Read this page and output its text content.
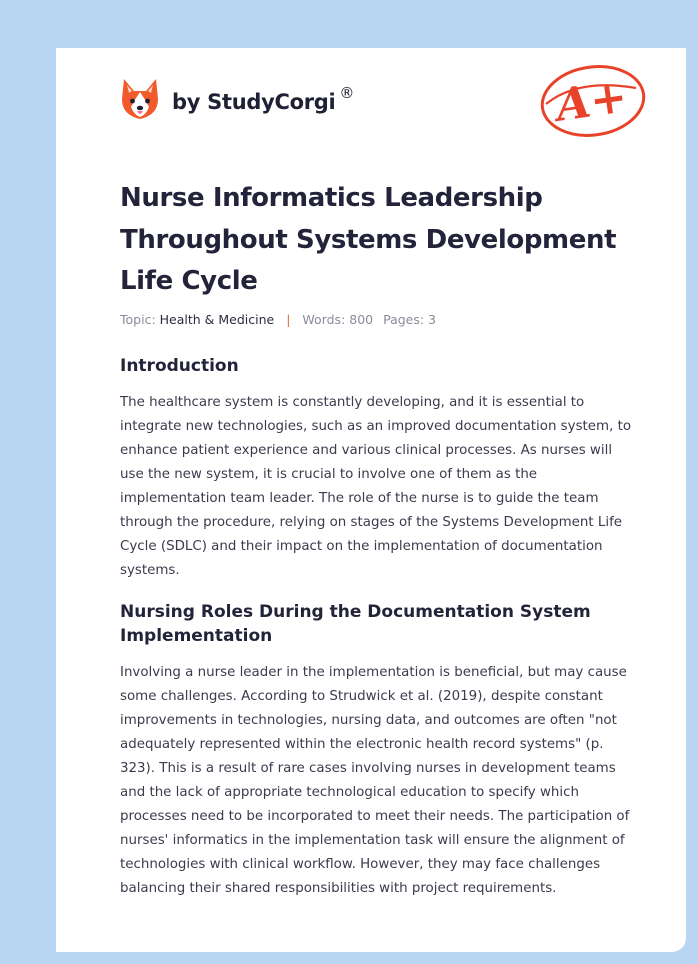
by StudyCorgi ®	A+
Nurse Informatics Leadership Throughout Systems Development Life Cycle
Topic: Health & Medicine | Words: 800 Pages: 3
Introduction

The healthcare system is constantly developing, and it is essential to integrate new technologies, such as an improved documentation system, to enhance patient experience and various clinical processes. As nurses will use the new system, it is crucial to involve one of them as the implementation team leader. The role of the nurse is to guide the team through the procedure, relying on stages of the Systems Development Life Cycle (SDLC) and their impact on the implementation of documentation systems.

Nursing Roles During the Documentation System Implementation

Involving a nurse leader in the implementation is beneficial, but may cause some challenges. According to Strudwick et al. (2019), despite constant improvements in technologies, nursing data, and outcomes are often "not adequately represented within the electronic health record systems" (p. 323). This is a result of rare cases involving nurses in development teams and the lack of appropriate technological education to specify which processes need to be incorporated to meet their needs. The participation of nurses' informatics in the implementation task will ensure the alignment of technologies with clinical workflow. However, they may face challenges balancing their shared responsibilities with project requirements.
